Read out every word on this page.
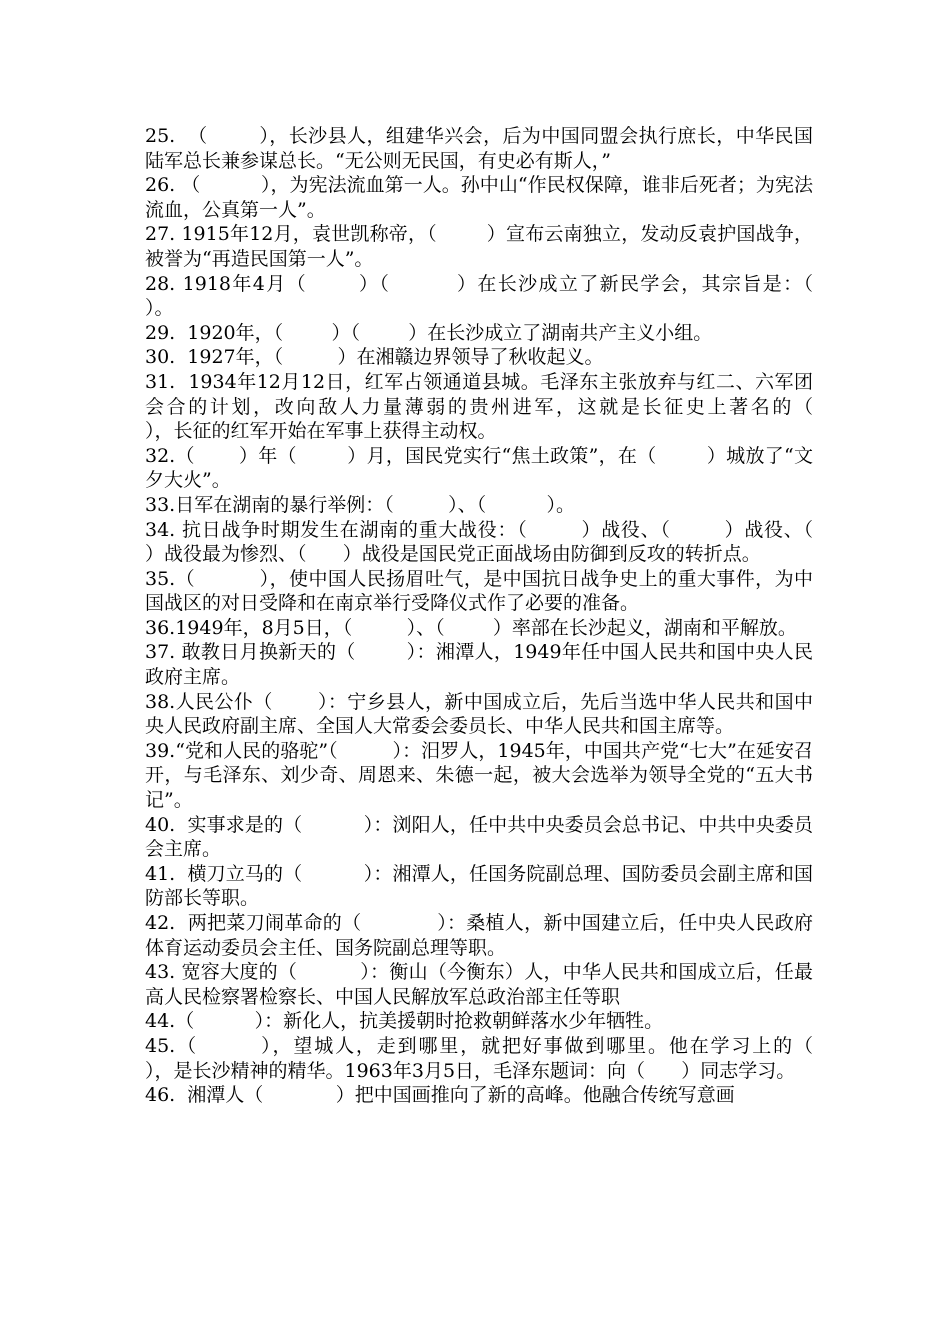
25.  （        ），长沙县人，组建华兴会，后为中国同盟会执行庶长，中华民国陆军总长兼参谋总长。“无公则无民国，有史必有斯人，”

26. （          ），为宪法流血第一人。孙中山“作民权保障，谁非后死者；为宪法流血，公真第一人”。

27. 1915年12月，袁世凯称帝，（        ）宣布云南独立，发动反袁护国战争，被誉为“再造民国第一人”。

28. 1918年4月（       ）（         ）在长沙成立了新民学会，其宗旨是：（                  ）。

29.  1920年，（        ）（        ）在长沙成立了湖南共产主义小组。

30.  1927年，（         ）在湘赣边界领导了秋收起义。

31.  1934年12月12日，红军占领通道县城。毛泽东主张放弃与红二、六军团会合的计划，改向敌人力量薄弱的贵州进军，这就是长征史上著名的（          ），长征的红军开始在军事上获得主动权。

32.（       ）年（        ）月，国民党实行“焦土政策”，在（        ）城放了“文夕大火”。

33.日军在湖南的暴行举例：（         ）、（          ）。

34. 抗日战争时期发生在湖南的重大战役：（        ）战役、（        ）战役、（      ）战役最为惨烈、（      ）战役是国民党正面战场由防御到反攻的转折点。

35.（          ），使中国人民扬眉吐气，是中国抗日战争史上的重大事件，为中国战区的对日受降和在南京举行受降仪式作了必要的准备。

36.1949年，8月5日，（         ）、（        ）率部在长沙起义，湖南和平解放。

37. 敢教日月换新天的（        ）：湘潭人，1949年任中国人民共和国中央人民政府主席。

38.人民公仆（       ）：宁乡县人，新中国成立后，先后当选中华人民共和国中央人民政府副主席、全国人大常委会委员长、中华人民共和国主席等。

39.“党和人民的骆驼”（         ）：汨罗人，1945年，中国共产党“七大”在延安召开，与毛泽东、刘少奇、周恩来、朱德一起，被大会选举为领导全党的“五大书记”。

40.  实事求是的（          ）：浏阳人，任中共中央委员会总书记、中共中央委员会主席。

41.  横刀立马的（          ）：湘潭人，任国务院副总理、国防委员会副主席和国防部长等职。

42.  两把菜刀闹革命的（            ）：桑植人，新中国建立后，任中央人民政府体育运动委员会主任、国务院副总理等职。

43. 宽容大度的（          ）：衡山（今衡东）人，中华人民共和国成立后，任最高人民检察署检察长、中国人民解放军总政治部主任等职

44.（          ）：新化人，抗美援朝时抢救朝鲜落水少年牺牲。

45.（        ），望城人，走到哪里，就把好事做到哪里。他在学习上的（        ），是长沙精神的精华。1963年3月5日，毛泽东题词：向（      ）同志学习。

46.  湘潭人（            ）把中国画推向了新的高峰。他融合传统写意画
